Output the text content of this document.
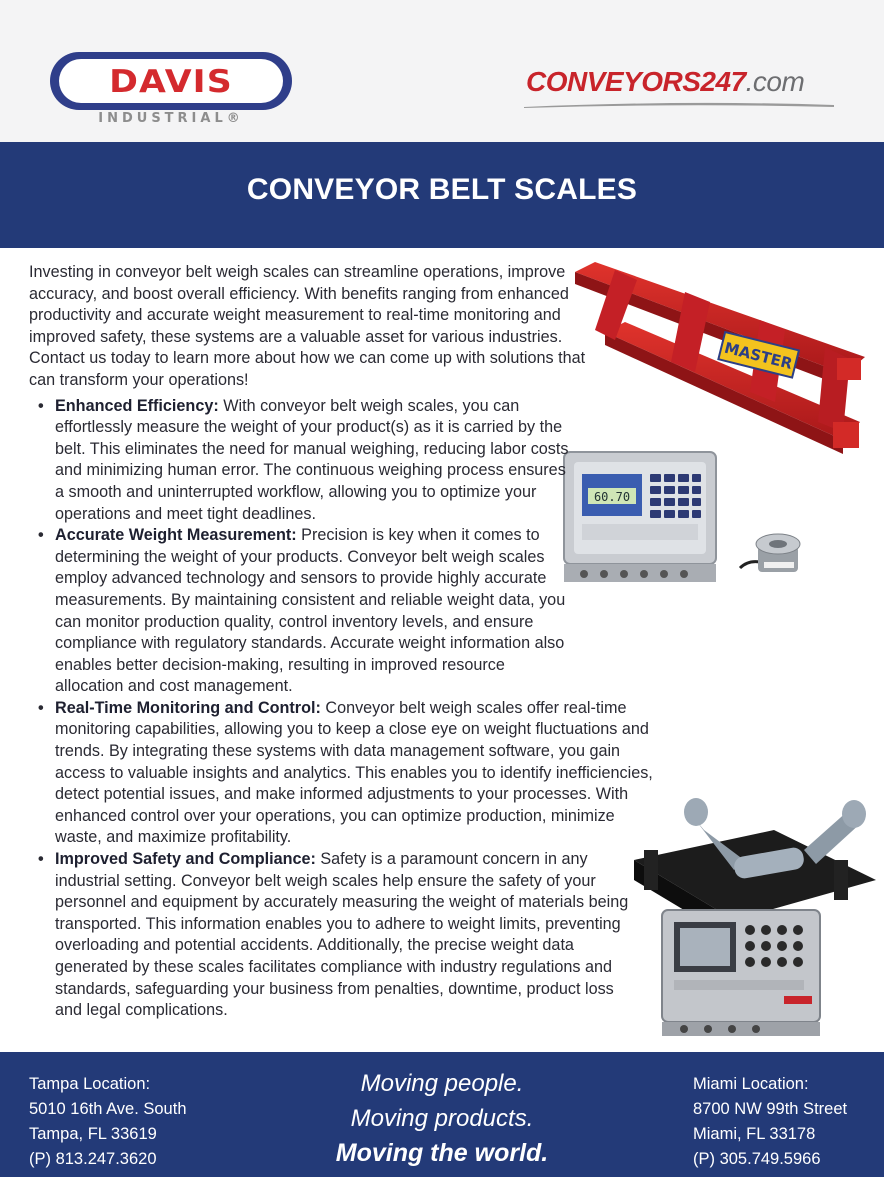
DAVIS
INDUSTRIAL®
CONVEYORS247.com
CONVEYOR BELT SCALES
MASTER
60.70

Investing in conveyor belt weigh scales can streamline operations, improve accuracy, and boost overall efficiency. With benefits ranging from enhanced productivity and accurate weight measurement to real-time monitoring and improved safety, these systems are a valuable asset for various industries. Contact us today to learn more about how we can come up with solutions that can transform your operations!

• Enhanced Efficiency: With conveyor belt weigh scales, you can effortlessly measure the weight of your product(s) as it is carried by the belt. This eliminates the need for manual weighing, reducing labor costs and minimizing human error. The continuous weighing process ensures a smooth and uninterrupted workflow, allowing you to optimize your operations and meet tight deadlines.
• Accurate Weight Measurement: Precision is key when it comes to determining the weight of your products. Conveyor belt weigh scales employ advanced technology and sensors to provide highly accurate measurements. By maintaining consistent and reliable weight data, you can monitor production quality, control inventory levels, and ensure compliance with regulatory standards. Accurate weight information also enables better decision-making, resulting in improved resource allocation and cost management.
• Real-Time Monitoring and Control: Conveyor belt weigh scales offer real-time monitoring capabilities, allowing you to keep a close eye on weight fluctuations and trends. By integrating these systems with data management software, you gain access to valuable insights and analytics. This enables you to identify inefficiencies, detect potential issues, and make informed adjustments to your processes. With enhanced control over your operations, you can optimize production, minimize waste, and maximize profitability.
• Improved Safety and Compliance: Safety is a paramount concern in any industrial setting. Conveyor belt weigh scales help ensure the safety of your personnel and equipment by accurately measuring the weight of materials being transported. This information enables you to adhere to weight limits, preventing overloading and potential accidents. Additionally, the precise weight data generated by these scales facilitates compliance with industry regulations and standards, safeguarding your business from penalties, downtime, product loss and legal complications.
Tampa Location:
5010 16th Ave. South
Tampa, FL 33619
(P) 813.247.3620
Moving people.
Moving products.
Moving the world.
Miami Location:
8700 NW 99th Street
Miami, FL 33178
(P) 305.749.5966
